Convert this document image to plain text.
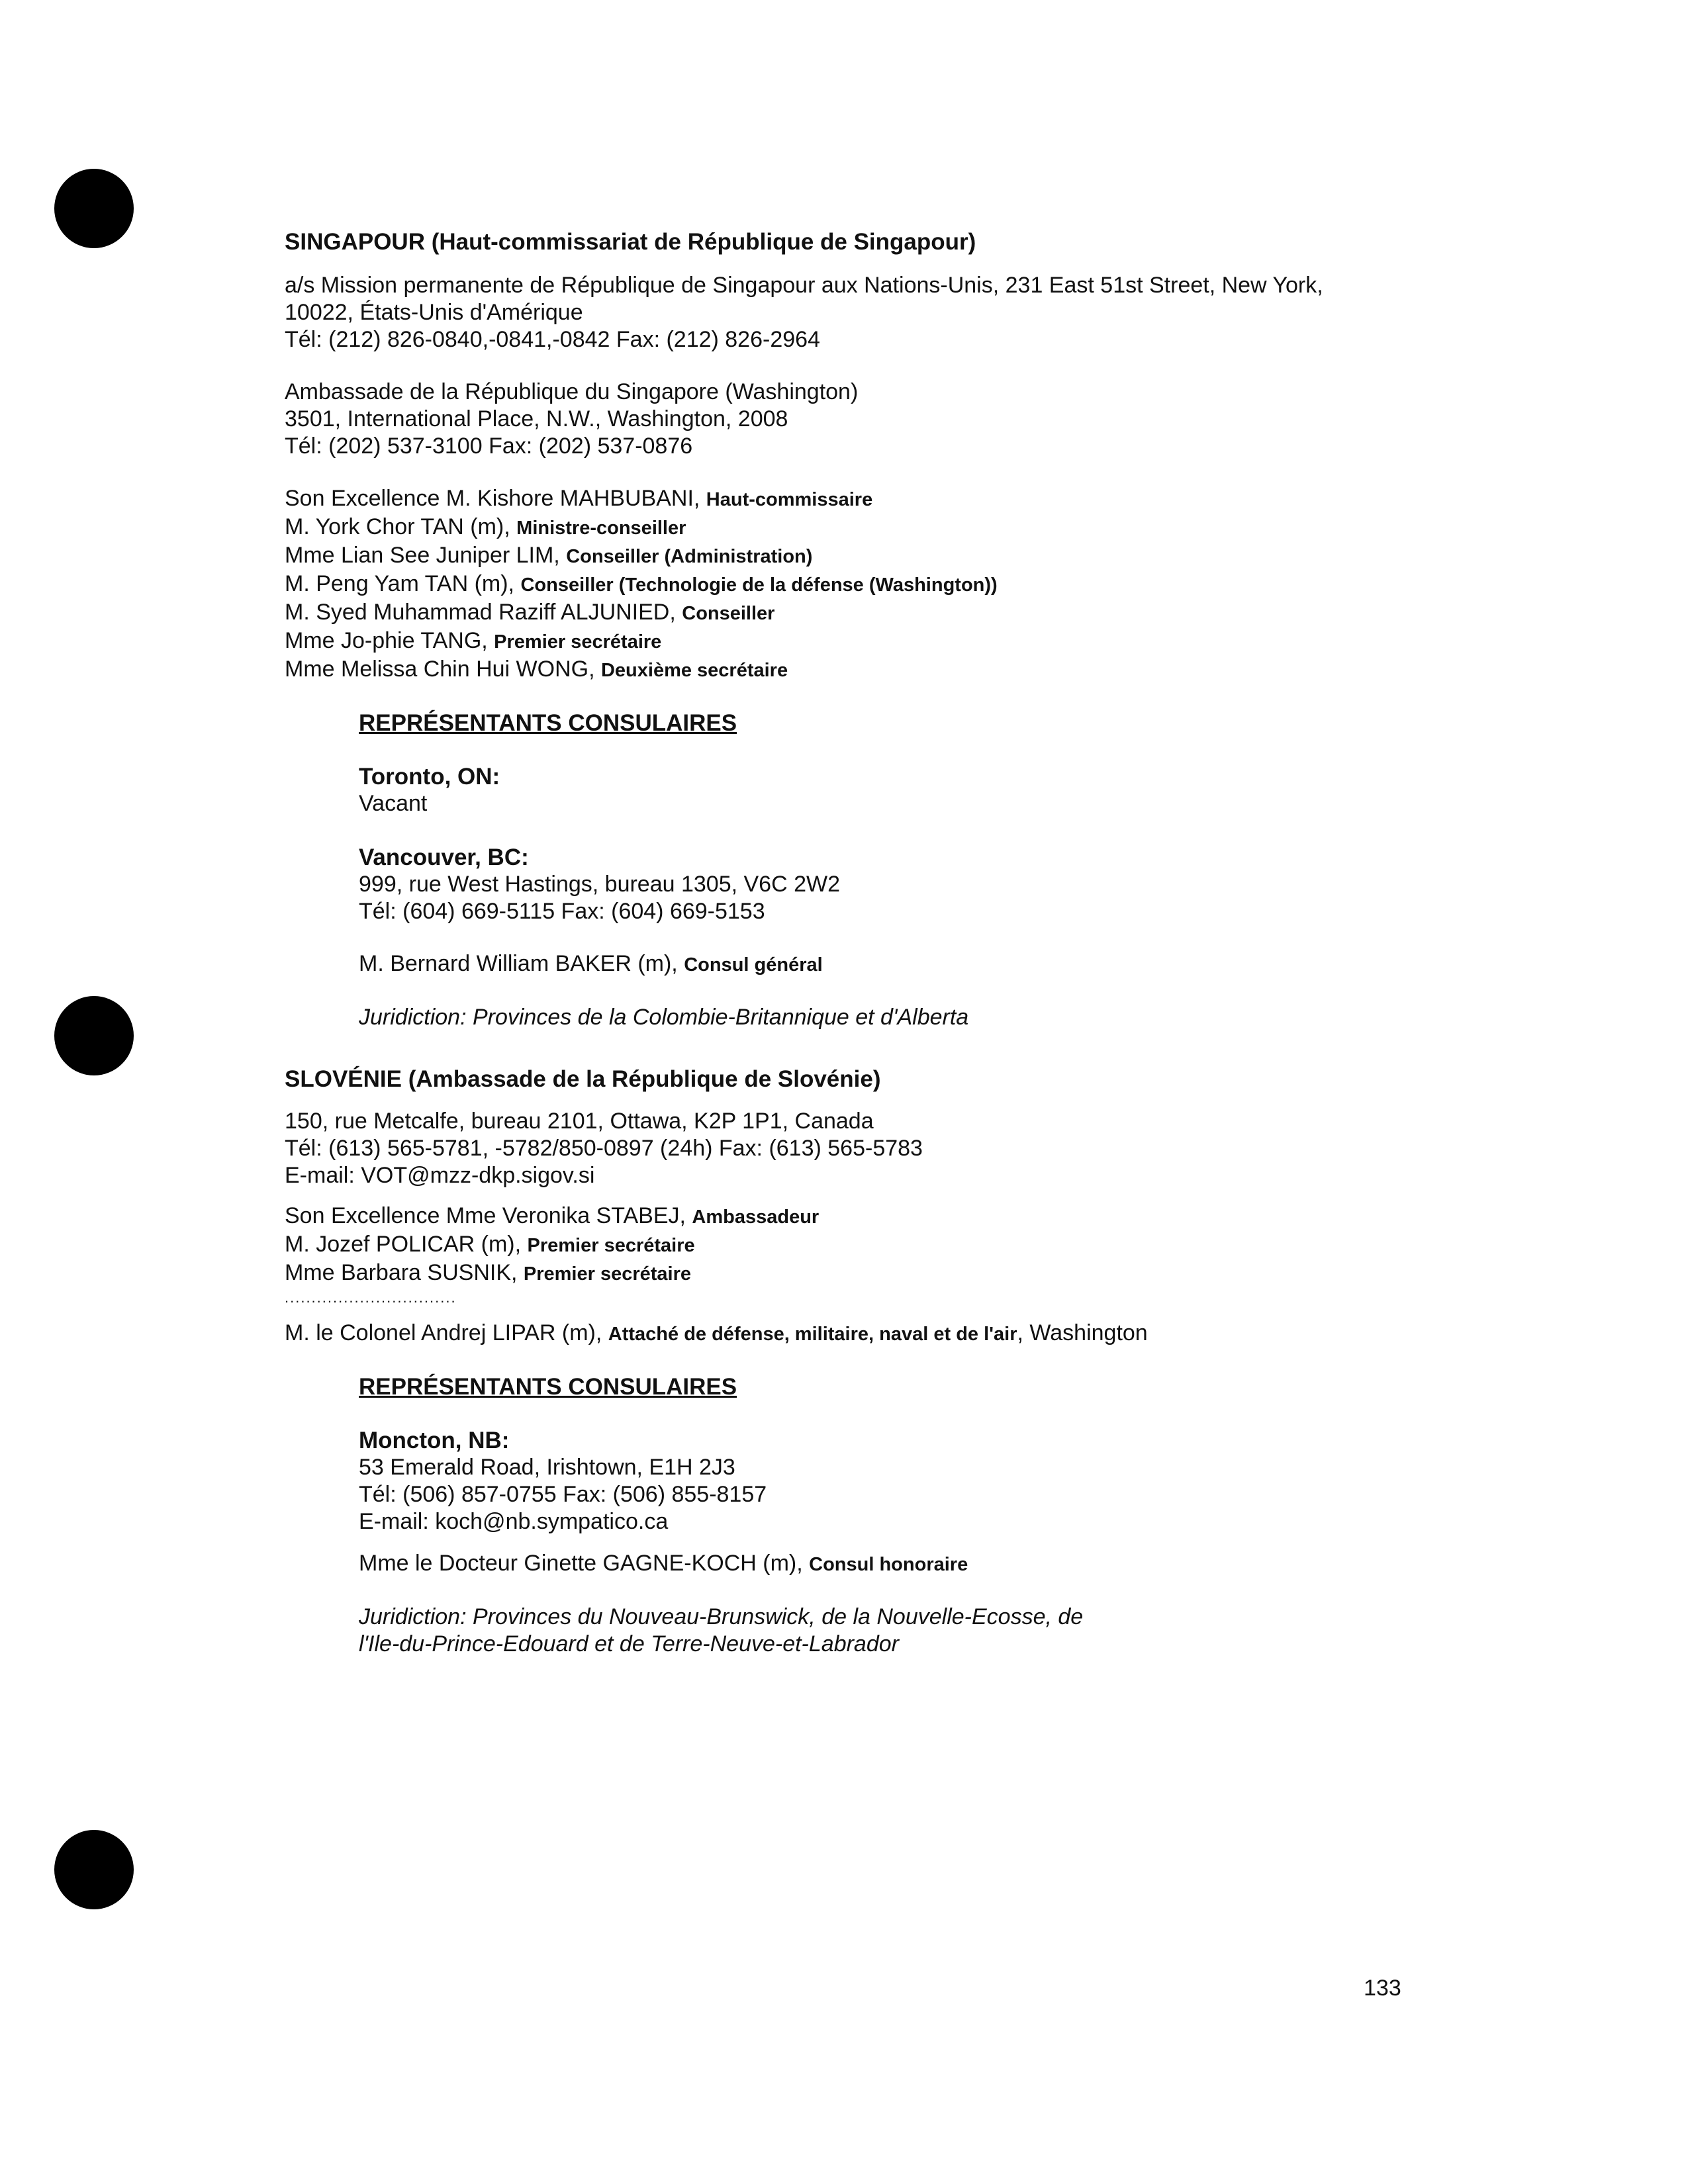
SINGAPOUR (Haut-commissariat de République de Singapour)
a/s Mission permanente de République de Singapour aux Nations-Unis, 231 East 51st Street, New York,
10022, États-Unis d'Amérique
Tél: (212) 826-0840,-0841,-0842 Fax: (212) 826-2964
Ambassade de la République du Singapore (Washington)
3501, International Place, N.W., Washington, 2008
Tél: (202) 537-3100 Fax: (202) 537-0876
Son Excellence M. Kishore MAHBUBANI, Haut-commissaire
M. York Chor TAN (m), Ministre-conseiller
Mme Lian See Juniper LIM, Conseiller (Administration)
M. Peng Yam TAN (m), Conseiller (Technologie de la défense (Washington))
M. Syed Muhammad Raziff ALJUNIED, Conseiller
Mme Jo-phie TANG, Premier secrétaire
Mme Melissa Chin Hui WONG, Deuxième secrétaire
REPRÉSENTANTS CONSULAIRES
Toronto, ON:
Vacant
Vancouver, BC:
999, rue West Hastings, bureau 1305, V6C 2W2
Tél: (604) 669-5115 Fax: (604) 669-5153
M. Bernard William BAKER (m), Consul général
Juridiction: Provinces de la Colombie-Britannique et d'Alberta
SLOVÉNIE (Ambassade de la République de Slovénie)
150, rue Metcalfe, bureau 2101, Ottawa, K2P 1P1, Canada
Tél: (613) 565-5781, -5782/850-0897 (24h) Fax: (613) 565-5783
E-mail: VOT@mzz-dkp.sigov.si
Son Excellence Mme Veronika STABEJ, Ambassadeur
M. Jozef POLICAR (m), Premier secrétaire
Mme Barbara SUSNIK, Premier secrétaire
................................
M. le Colonel Andrej LIPAR (m), Attaché de défense, militaire, naval et de l'air, Washington
REPRÉSENTANTS CONSULAIRES
Moncton, NB:
53 Emerald Road, Irishtown, E1H 2J3
Tél: (506) 857-0755 Fax: (506) 855-8157
E-mail: koch@nb.sympatico.ca
Mme le Docteur Ginette GAGNE-KOCH (m), Consul honoraire
Juridiction: Provinces du Nouveau-Brunswick, de la Nouvelle-Ecosse, de
l'Ile-du-Prince-Edouard et de Terre-Neuve-et-Labrador
133
